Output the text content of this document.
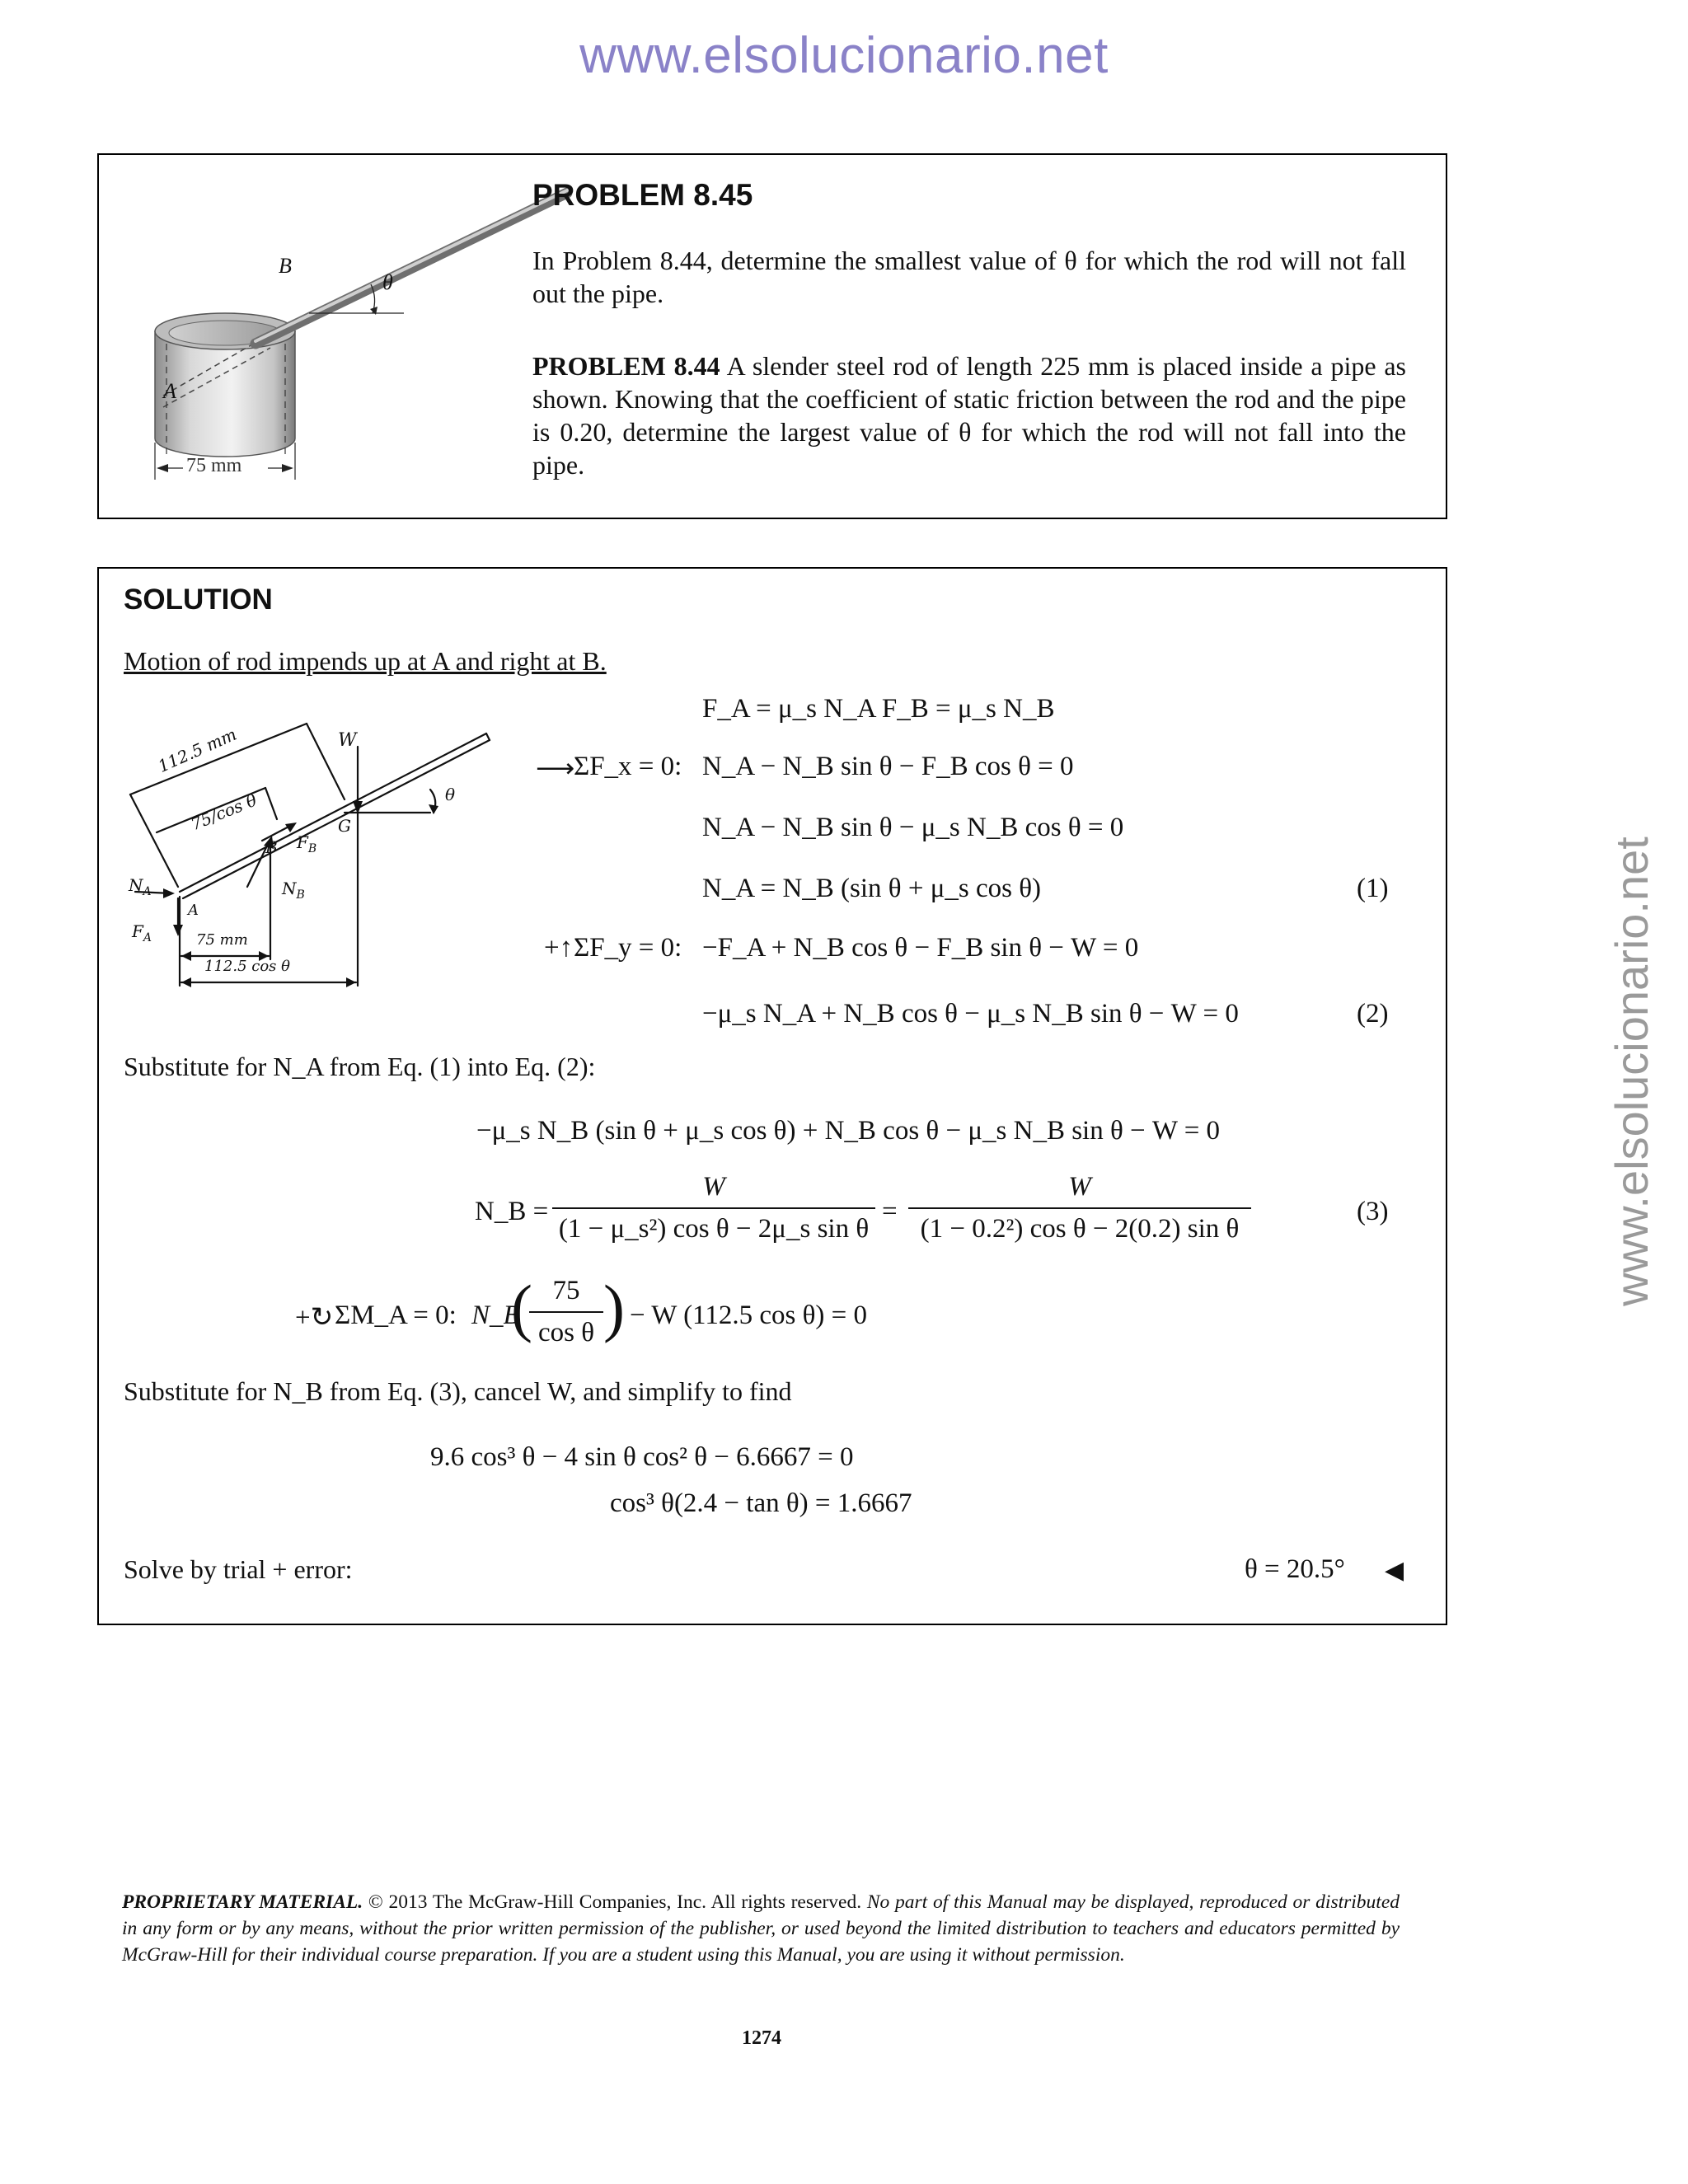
www.elsolucionario.net
www.elsolucionario.net
B
θ
A
75 mm
PROBLEM 8.45
In Problem 8.44, determine the smallest value of θ for which the rod will not fall out the pipe.
PROBLEM 8.44 A slender steel rod of length 225 mm is placed inside a pipe as shown. Knowing that the coefficient of static friction between the rod and the pipe is 0.20, determine the largest value of θ for which the rod will not fall into the pipe.
SOLUTION
Motion of rod impends up at A and right at B.
112.5 mm
75/cos θ
W
θ
G
B $F_B$
$N_B$
$N_A$
A
$F_A$	75 mm
112.5 cos θ
F_A = μ_s N_A F_B = μ_s N_B
⟶
ΣF_x = 0: N_A − N_B sin θ − F_B cos θ = 0
N_A − N_B sin θ − μ_s N_B cos θ = 0
N_A = N_B (sin θ + μ_s cos θ)	(1)
+↑ ΣF_y = 0: −F_A + N_B cos θ − F_B sin θ − W = 0
−μ_s N_A + N_B cos θ − μ_s N_B sin θ − W = 0	(2)
Substitute for N_A from Eq. (1) into Eq. (2):
−μ_s N_B (sin θ + μ_s cos θ) + N_B cos θ − μ_s N_B sin θ − W = 0
N_B =
W
(1 − μ_s²) cos θ − 2μ_s sin θ
=
W
(1 − 0.2²) cos θ − 2(0.2) sin θ
(3)
+↻ ΣM_A = 0: N_B
( 75
cos θ ) − W (112.5 cos θ) = 0
Substitute for N_B from Eq. (3), cancel W, and simplify to find
9.6 cos³ θ − 4 sin θ cos² θ − 6.6667 = 0
cos³ θ(2.4 − tan θ) = 1.6667
Solve by trial + error:	θ = 20.5° ◀
PROPRIETARY MATERIAL. © 2013 The McGraw-Hill Companies, Inc. All rights reserved. No part of this Manual may be displayed, reproduced or distributed in any form or by any means, without the prior written permission of the publisher, or used beyond the limited distribution to teachers and educators permitted by McGraw-Hill for their individual course preparation. If you are a student using this Manual, you are using it without permission.
1274
